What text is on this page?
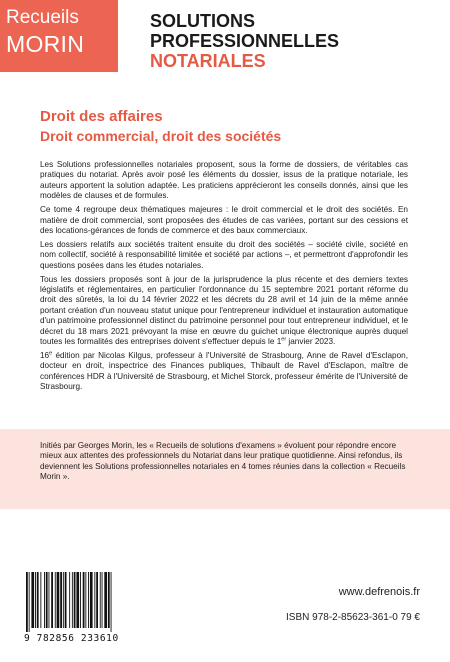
Recueils
MORIN
SOLUTIONS
PROFESSIONNELLES
NOTARIALES
Droit des affaires
Droit commercial, droit des sociétés

Les Solutions professionnelles notariales proposent, sous la forme de dossiers, de véritables cas pratiques du notariat. Après avoir posé les éléments du dossier, issus de la pratique notariale, les auteurs apportent la solution adaptée. Les praticiens apprécieront les conseils donnés, ainsi que les modèles de clauses et de formules.

Ce tome 4 regroupe deux thématiques majeures : le droit commercial et le droit des sociétés. En matière de droit commercial, sont proposées des études de cas variées, portant sur des cessions et des locations-gérances de fonds de commerce et des baux commerciaux.

Les dossiers relatifs aux sociétés traitent ensuite du droit des sociétés – société civile, société en nom collectif, société à responsabilité limitée et société par actions –, et permettront d'approfondir les questions posées dans les études notariales.

Tous les dossiers proposés sont à jour de la jurisprudence la plus récente et des derniers textes législatifs et réglementaires, en particulier l'ordonnance du 15 septembre 2021 portant réforme du droit des sûretés, la loi du 14 février 2022 et les décrets du 28 avril et 14 juin de la même année portant création d'un nouveau statut unique pour l'entrepreneur individuel et instauration automatique d'un patrimoine professionnel distinct du patrimoine personnel pour tout entrepreneur individuel, et le décret du 18 mars 2021 prévoyant la mise en œuvre du guichet unique électronique auprès duquel toutes les formalités des entreprises doivent s'effectuer depuis le 1er janvier 2023.

16e édition par Nicolas Kilgus, professeur à l'Université de Strasbourg, Anne de Ravel d'Esclapon, docteur en droit, inspectrice des Finances publiques, Thibault de Ravel d'Esclapon, maître de conférences HDR à l'Université de Strasbourg, et Michel Storck, professeur émérite de l'Université de Strasbourg.

Initiés par Georges Morin, les « Recueils de solutions d'examens » évoluent pour répondre encore mieux aux attentes des professionnels du Notariat dans leur pratique quotidienne. Ainsi refondus, ils deviennent les Solutions professionnelles notariales en 4 tomes réunies dans la collection « Recueils Morin ».
9 782856 233610
www.defrenois.fr
ISBN 978-2-85623-361-0 79 €
